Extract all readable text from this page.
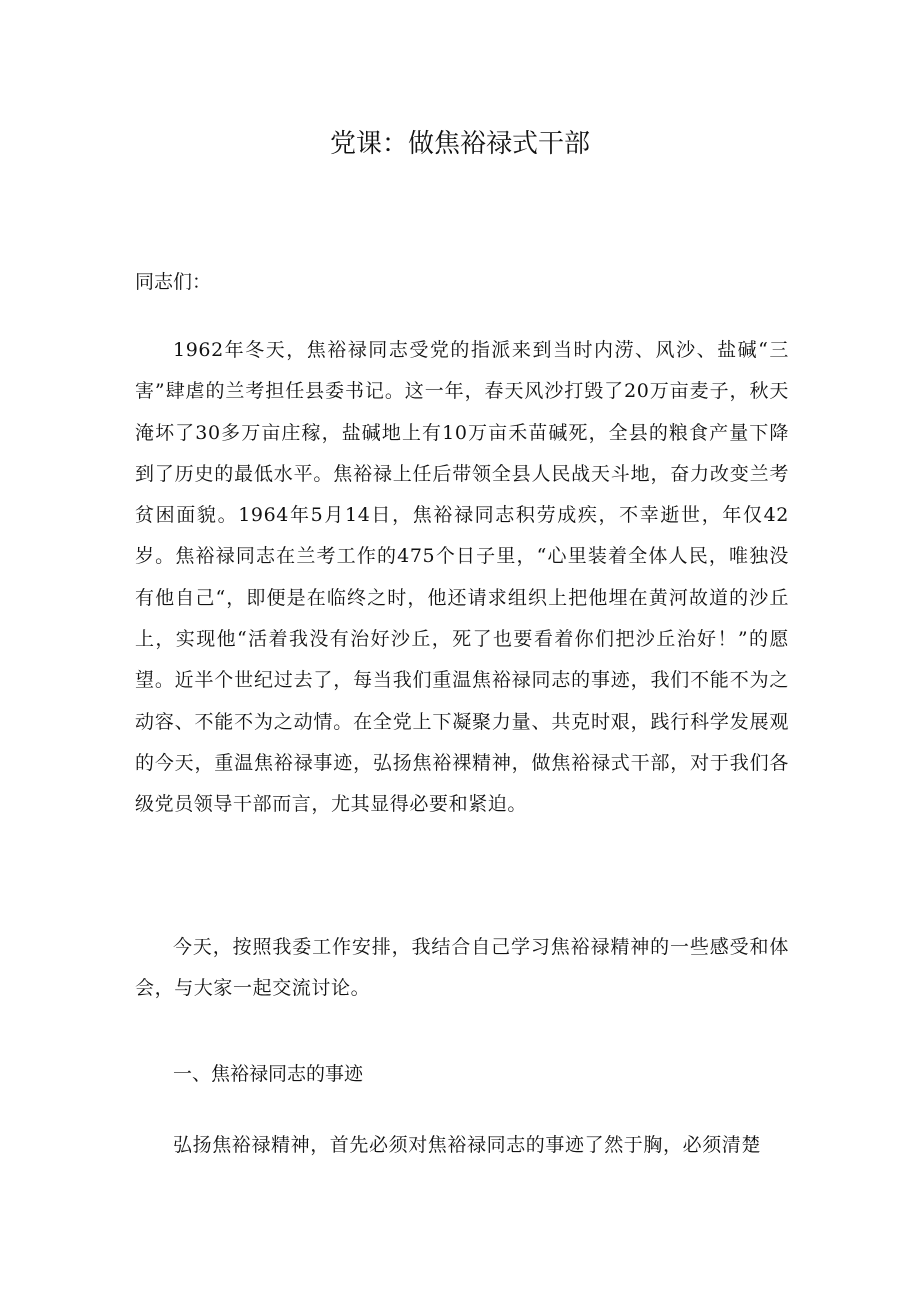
党课：做焦裕禄式干部

同志们：

1962年冬天，焦裕禄同志受党的指派来到当时内涝、风沙、盐碱“三害”肆虐的兰考担任县委书记。这一年，春天风沙打毁了20万亩麦子，秋天淹坏了30多万亩庄稼，盐碱地上有10万亩禾苗碱死，全县的粮食产量下降到了历史的最低水平。焦裕禄上任后带领全县人民战天斗地，奋力改变兰考贫困面貌。1964年5月14日，焦裕禄同志积劳成疾，不幸逝世，年仅42岁。焦裕禄同志在兰考工作的475个日子里，“心里装着全体人民，唯独没有他自己“，即便是在临终之时，他还请求组织上把他埋在黄河故道的沙丘上，实现他“活着我没有治好沙丘，死了也要看着你们把沙丘治好！”的愿望。近半个世纪过去了，每当我们重温焦裕禄同志的事迹，我们不能不为之动容、不能不为之动情。在全党上下凝聚力量、共克时艰，践行科学发展观的今天，重温焦裕禄事迹，弘扬焦裕裸精神，做焦裕禄式干部，对于我们各级党员领导干部而言，尤其显得必要和紧迫。

今天，按照我委工作安排，我结合自己学习焦裕禄精神的一些感受和体会，与大家一起交流讨论。

一、焦裕禄同志的事迹

弘扬焦裕禄精神，首先必须对焦裕禄同志的事迹了然于胸，必须清楚
